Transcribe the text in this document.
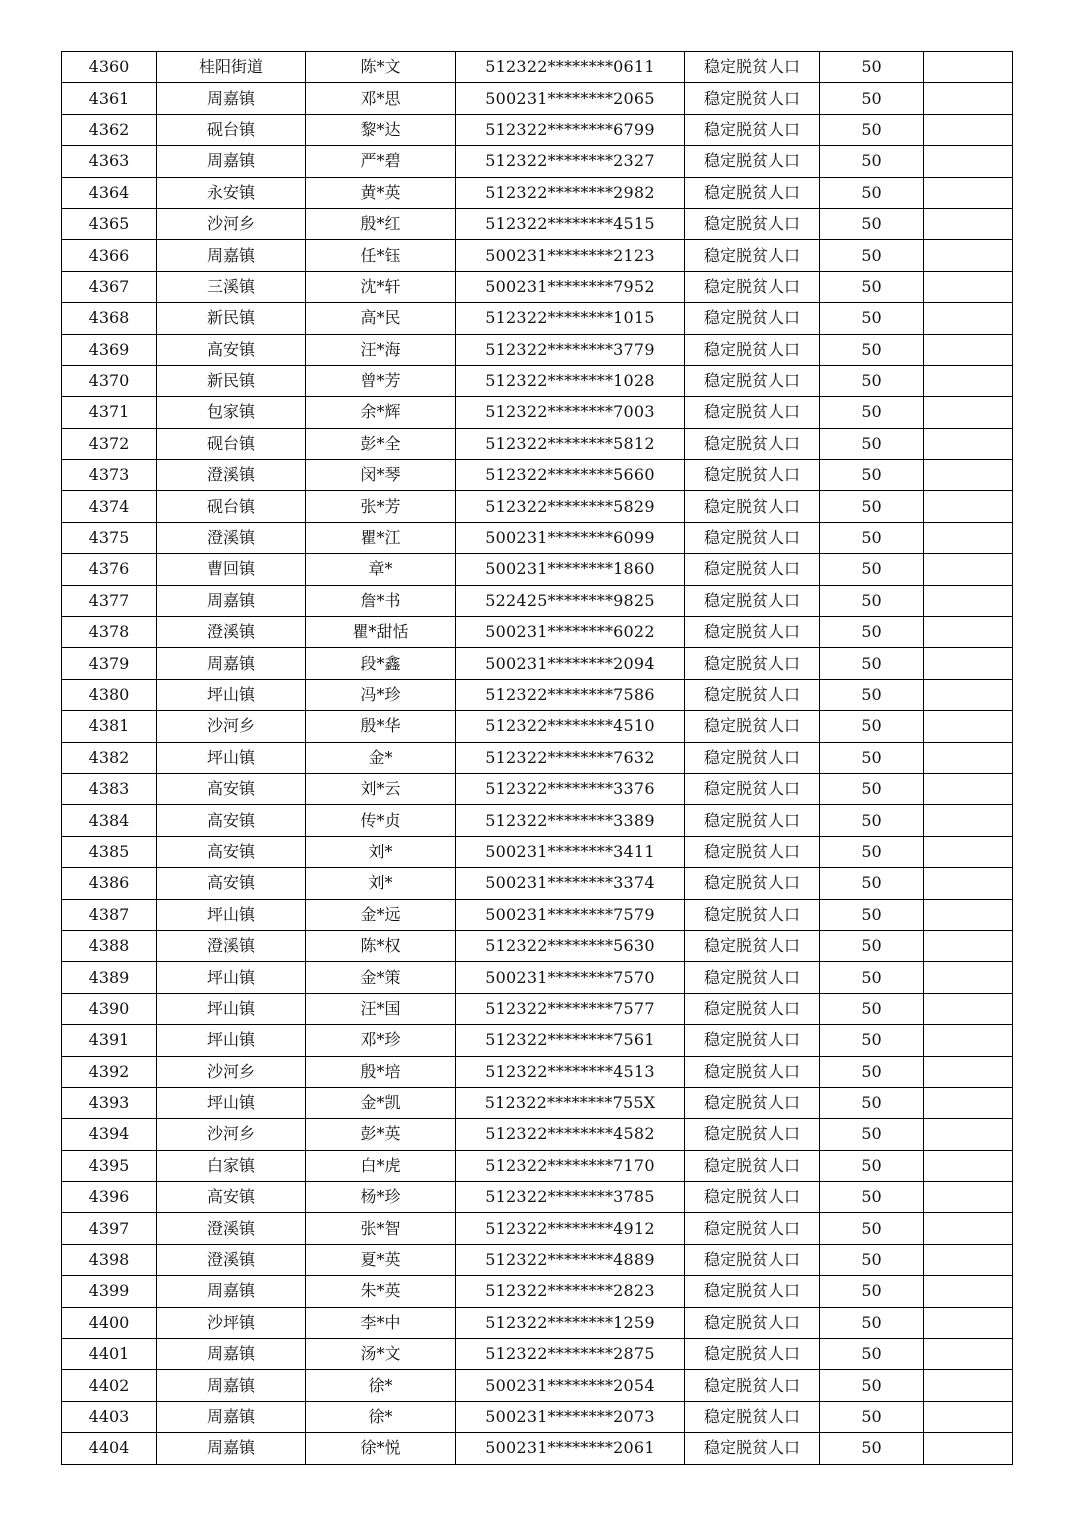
4360	桂阳街道	陈*文	512322********0611	稳定脱贫人口	50	
4361	周嘉镇	邓*思	500231********2065	稳定脱贫人口	50	
4362	砚台镇	黎*达	512322********6799	稳定脱贫人口	50	
4363	周嘉镇	严*碧	512322********2327	稳定脱贫人口	50	
4364	永安镇	黄*英	512322********2982	稳定脱贫人口	50	
4365	沙河乡	殷*红	512322********4515	稳定脱贫人口	50	
4366	周嘉镇	任*钰	500231********2123	稳定脱贫人口	50	
4367	三溪镇	沈*轩	500231********7952	稳定脱贫人口	50	
4368	新民镇	高*民	512322********1015	稳定脱贫人口	50	
4369	高安镇	汪*海	512322********3779	稳定脱贫人口	50	
4370	新民镇	曾*芳	512322********1028	稳定脱贫人口	50	
4371	包家镇	余*辉	512322********7003	稳定脱贫人口	50	
4372	砚台镇	彭*全	512322********5812	稳定脱贫人口	50	
4373	澄溪镇	闵*琴	512322********5660	稳定脱贫人口	50	
4374	砚台镇	张*芳	512322********5829	稳定脱贫人口	50	
4375	澄溪镇	瞿*江	500231********6099	稳定脱贫人口	50	
4376	曹回镇	章*	500231********1860	稳定脱贫人口	50	
4377	周嘉镇	詹*书	522425********9825	稳定脱贫人口	50	
4378	澄溪镇	瞿*甜恬	500231********6022	稳定脱贫人口	50	
4379	周嘉镇	段*鑫	500231********2094	稳定脱贫人口	50	
4380	坪山镇	冯*珍	512322********7586	稳定脱贫人口	50	
4381	沙河乡	殷*华	512322********4510	稳定脱贫人口	50	
4382	坪山镇	金*	512322********7632	稳定脱贫人口	50	
4383	高安镇	刘*云	512322********3376	稳定脱贫人口	50	
4384	高安镇	传*贞	512322********3389	稳定脱贫人口	50	
4385	高安镇	刘*	500231********3411	稳定脱贫人口	50	
4386	高安镇	刘*	500231********3374	稳定脱贫人口	50	
4387	坪山镇	金*远	500231********7579	稳定脱贫人口	50	
4388	澄溪镇	陈*权	512322********5630	稳定脱贫人口	50	
4389	坪山镇	金*策	500231********7570	稳定脱贫人口	50	
4390	坪山镇	汪*国	512322********7577	稳定脱贫人口	50	
4391	坪山镇	邓*珍	512322********7561	稳定脱贫人口	50	
4392	沙河乡	殷*培	512322********4513	稳定脱贫人口	50	
4393	坪山镇	金*凯	512322********755X	稳定脱贫人口	50	
4394	沙河乡	彭*英	512322********4582	稳定脱贫人口	50	
4395	白家镇	白*虎	512322********7170	稳定脱贫人口	50	
4396	高安镇	杨*珍	512322********3785	稳定脱贫人口	50	
4397	澄溪镇	张*智	512322********4912	稳定脱贫人口	50	
4398	澄溪镇	夏*英	512322********4889	稳定脱贫人口	50	
4399	周嘉镇	朱*英	512322********2823	稳定脱贫人口	50	
4400	沙坪镇	李*中	512322********1259	稳定脱贫人口	50	
4401	周嘉镇	汤*文	512322********2875	稳定脱贫人口	50	
4402	周嘉镇	徐*	500231********2054	稳定脱贫人口	50	
4403	周嘉镇	徐*	500231********2073	稳定脱贫人口	50	
4404	周嘉镇	徐*悦	500231********2061	稳定脱贫人口	50	
